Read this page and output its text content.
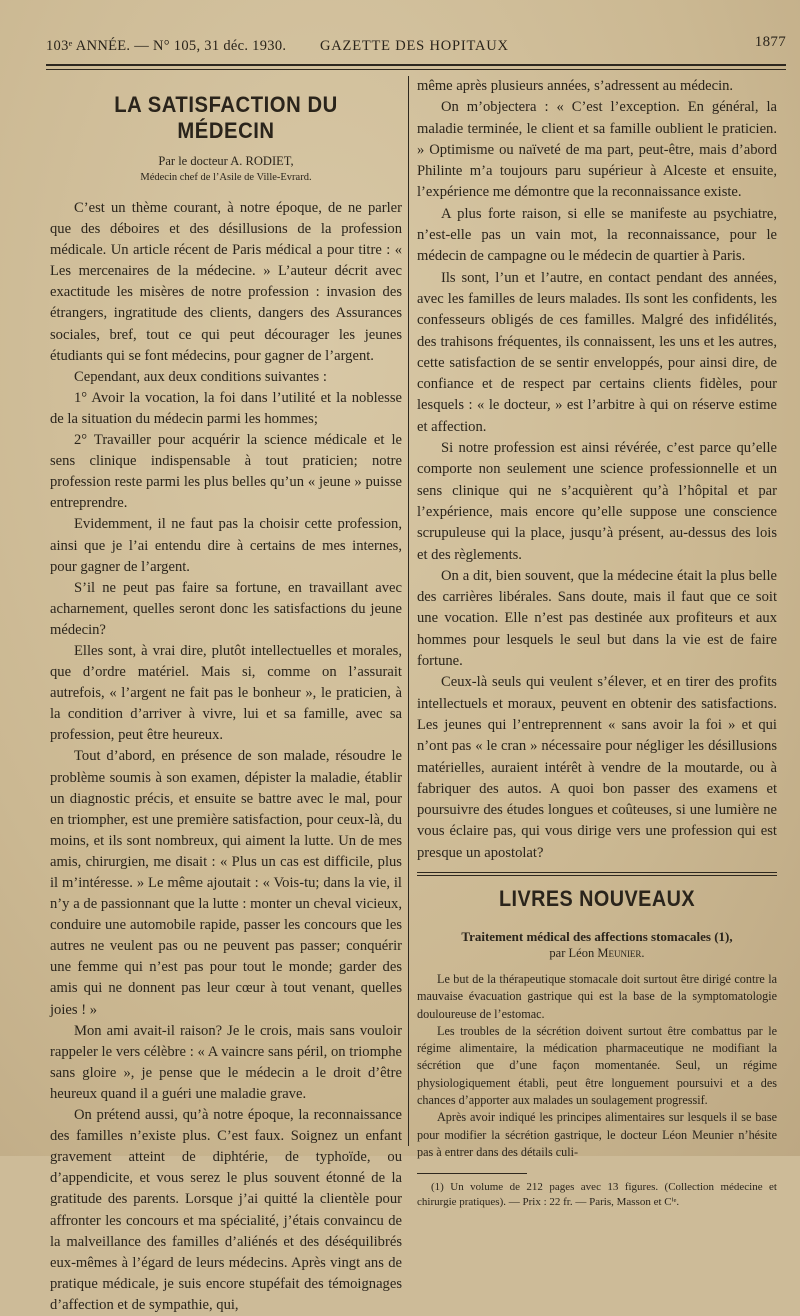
103ᵉ ANNÉE. — N° 105, 31 déc. 1930. GAZETTE DES HOPITAUX	1877
LA SATISFACTION DU MÉDECIN

Par le docteur A. RODIET,

Médecin chef de l’Asile de Ville-Evrard.

C’est un thème courant, à notre époque, de ne parler que des déboires et des désillusions de la profession médicale. Un article récent de Paris médical a pour titre : « Les mercenaires de la médecine. » L’auteur décrit avec exactitude les misères de notre profession : invasion des étrangers, ingratitude des clients, dangers des Assurances sociales, bref, tout ce qui peut décourager les jeunes étudiants qui se font médecins, pour gagner de l’argent.

Cependant, aux deux conditions suivantes :

1° Avoir la vocation, la foi dans l’utilité et la noblesse de la situation du médecin parmi les hommes;

2° Travailler pour acquérir la science médicale et le sens clinique indispensable à tout praticien; notre profession reste parmi les plus belles qu’un « jeune » puisse entreprendre.

Evidemment, il ne faut pas la choisir cette profession, ainsi que je l’ai entendu dire à certains de mes internes, pour gagner de l’argent.

S’il ne peut pas faire sa fortune, en travaillant avec acharnement, quelles seront donc les satisfactions du jeune médecin?

Elles sont, à vrai dire, plutôt intellectuelles et morales, que d’ordre matériel. Mais si, comme on l’assurait autrefois, « l’argent ne fait pas le bonheur », le praticien, à la condition d’arriver à vivre, lui et sa famille, avec sa profession, peut être heureux.

Tout d’abord, en présence de son malade, résoudre le problème soumis à son examen, dépister la maladie, établir un diagnostic précis, et ensuite se battre avec le mal, pour en triompher, est une première satisfaction, pour ceux-là, du moins, et ils sont nombreux, qui aiment la lutte. Un de mes amis, chirurgien, me disait : « Plus un cas est difficile, plus il m’intéresse. » Le même ajoutait : « Vois-tu; dans la vie, il n’y a de passionnant que la lutte : monter un cheval vicieux, conduire une automobile rapide, passer les concours que les autres ne veulent pas ou ne peuvent pas passer; conquérir une femme qui n’est pas pour tout le monde; garder des amis qui ne donnent pas leur cœur à tout venant, quelles joies ! »

Mon ami avait-il raison? Je le crois, mais sans vouloir rappeler le vers célèbre : « A vaincre sans péril, on triomphe sans gloire », je pense que le médecin a le droit d’être heureux quand il a guéri une maladie grave.

On prétend aussi, qu’à notre époque, la reconnaissance des familles n’existe plus. C’est faux. Soignez un enfant gravement atteint de diphtérie, de typhoïde, ou d’appendicite, et vous serez le plus souvent étonné de la gratitude des parents. Lorsque j’ai quitté la clientèle pour affronter les concours et ma spécialité, j’étais convaincu de la malveillance des familles d’aliénés et des déséquilibrés eux-mêmes à l’égard de leurs médecins. Après vingt ans de pratique médicale, je suis encore stupéfait des témoignages d’affection et de sympathie, qui,

même après plusieurs années, s’adressent au médecin.

On m’objectera : « C’est l’exception. En général, la maladie terminée, le client et sa famille oublient le praticien. » Optimisme ou naïveté de ma part, peut-être, mais d’abord Philinte m’a toujours paru supérieur à Alceste et ensuite, l’expérience me démontre que la reconnaissance existe.

A plus forte raison, si elle se manifeste au psychiatre, n’est-elle pas un vain mot, la reconnaissance, pour le médecin de campagne ou le médecin de quartier à Paris.

Ils sont, l’un et l’autre, en contact pendant des années, avec les familles de leurs malades. Ils sont les confidents, les confesseurs obligés de ces familles. Malgré des infidélités, des trahisons fréquentes, ils connaissent, les uns et les autres, cette satisfaction de se sentir enveloppés, pour ainsi dire, de confiance et de respect par certains clients fidèles, pour lesquels : « le docteur, » est l’arbitre à qui on réserve estime et affection.

Si notre profession est ainsi révérée, c’est parce qu’elle comporte non seulement une science professionnelle et un sens clinique qui ne s’acquièrent qu’à l’hôpital et par l’expérience, mais encore qu’elle suppose une conscience scrupuleuse qui la place, jusqu’à présent, au-dessus des lois et des règlements.

On a dit, bien souvent, que la médecine était la plus belle des carrières libérales. Sans doute, mais il faut que ce soit une vocation. Elle n’est pas destinée aux profiteurs et aux hommes pour lesquels le seul but dans la vie est de faire fortune.

Ceux-là seuls qui veulent s’élever, et en tirer des profits intellectuels et moraux, peuvent en obtenir des satisfactions. Les jeunes qui l’entreprennent « sans avoir la foi » et qui n’ont pas « le cran » nécessaire pour négliger les désillusions matérielles, auraient intérêt à vendre de la moutarde, ou à fabriquer des autos. A quoi bon passer des examens et poursuivre des études longues et coûteuses, si une lumière ne vous éclaire pas, qui vous dirige vers une profession qui est presque un apostolat?

LIVRES NOUVEAUX

Traitement médical des affections stomacales (1),

par Léon Meunier.

Le but de la thérapeutique stomacale doit surtout être dirigé contre la mauvaise évacuation gastrique qui est la base de la symptomatologie douloureuse de l’estomac.

Les troubles de la sécrétion doivent surtout être combattus par le régime alimentaire, la médication pharmaceutique ne modifiant la sécrétion que d’une façon momentanée. Seul, un régime physiologiquement établi, peut être longuement poursuivi et a des chances d’apporter aux malades un soulagement progressif.

Après avoir indiqué les principes alimentaires sur lesquels il se base pour modifier la sécrétion gastrique, le docteur Léon Meunier n’hésite pas à entrer dans des détails culi-

(1) Un volume de 212 pages avec 13 figures. (Collection médecine et chirurgie pratiques). — Prix : 22 fr. — Paris, Masson et Cⁱᵉ.
